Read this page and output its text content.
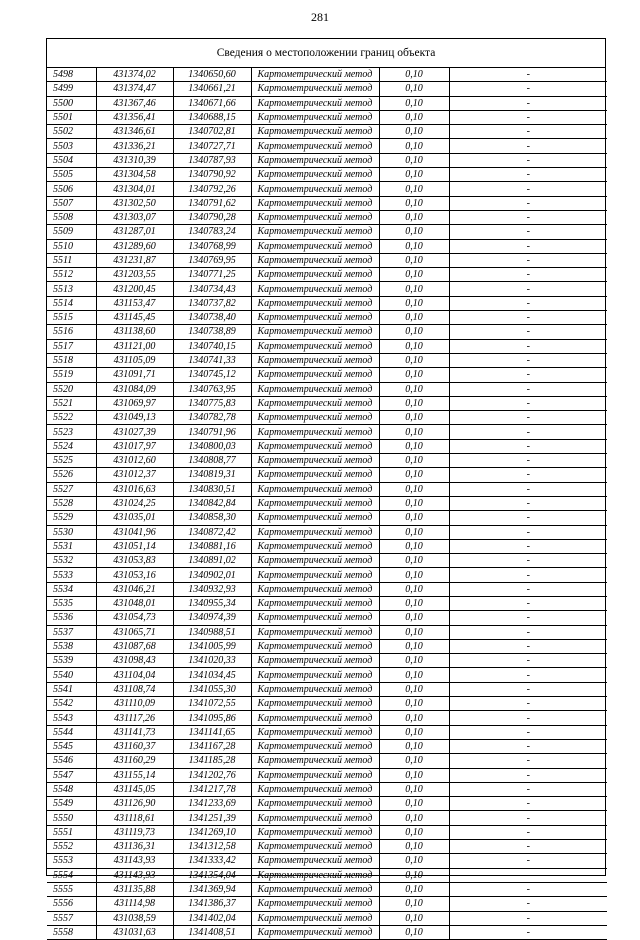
281
Сведения о местоположении границ объекта
5498	431374,02	1340650,60	Картометрический метод	0,10	-
5499	431374,47	1340661,21	Картометрический метод	0,10	-
5500	431367,46	1340671,66	Картометрический метод	0,10	-
5501	431356,41	1340688,15	Картометрический метод	0,10	-
5502	431346,61	1340702,81	Картометрический метод	0,10	-
5503	431336,21	1340727,71	Картометрический метод	0,10	-
5504	431310,39	1340787,93	Картометрический метод	0,10	-
5505	431304,58	1340790,92	Картометрический метод	0,10	-
5506	431304,01	1340792,26	Картометрический метод	0,10	-
5507	431302,50	1340791,62	Картометрический метод	0,10	-
5508	431303,07	1340790,28	Картометрический метод	0,10	-
5509	431287,01	1340783,24	Картометрический метод	0,10	-
5510	431289,60	1340768,99	Картометрический метод	0,10	-
5511	431231,87	1340769,95	Картометрический метод	0,10	-
5512	431203,55	1340771,25	Картометрический метод	0,10	-
5513	431200,45	1340734,43	Картометрический метод	0,10	-
5514	431153,47	1340737,82	Картометрический метод	0,10	-
5515	431145,45	1340738,40	Картометрический метод	0,10	-
5516	431138,60	1340738,89	Картометрический метод	0,10	-
5517	431121,00	1340740,15	Картометрический метод	0,10	-
5518	431105,09	1340741,33	Картометрический метод	0,10	-
5519	431091,71	1340745,12	Картометрический метод	0,10	-
5520	431084,09	1340763,95	Картометрический метод	0,10	-
5521	431069,97	1340775,83	Картометрический метод	0,10	-
5522	431049,13	1340782,78	Картометрический метод	0,10	-
5523	431027,39	1340791,96	Картометрический метод	0,10	-
5524	431017,97	1340800,03	Картометрический метод	0,10	-
5525	431012,60	1340808,77	Картометрический метод	0,10	-
5526	431012,37	1340819,31	Картометрический метод	0,10	-
5527	431016,63	1340830,51	Картометрический метод	0,10	-
5528	431024,25	1340842,84	Картометрический метод	0,10	-
5529	431035,01	1340858,30	Картометрический метод	0,10	-
5530	431041,96	1340872,42	Картометрический метод	0,10	-
5531	431051,14	1340881,16	Картометрический метод	0,10	-
5532	431053,83	1340891,02	Картометрический метод	0,10	-
5533	431053,16	1340902,01	Картометрический метод	0,10	-
5534	431046,21	1340932,93	Картометрический метод	0,10	-
5535	431048,01	1340955,34	Картометрический метод	0,10	-
5536	431054,73	1340974,39	Картометрический метод	0,10	-
5537	431065,71	1340988,51	Картометрический метод	0,10	-
5538	431087,68	1341005,99	Картометрический метод	0,10	-
5539	431098,43	1341020,33	Картометрический метод	0,10	-
5540	431104,04	1341034,45	Картометрический метод	0,10	-
5541	431108,74	1341055,30	Картометрический метод	0,10	-
5542	431110,09	1341072,55	Картометрический метод	0,10	-
5543	431117,26	1341095,86	Картометрический метод	0,10	-
5544	431141,73	1341141,65	Картометрический метод	0,10	-
5545	431160,37	1341167,28	Картометрический метод	0,10	-
5546	431160,29	1341185,28	Картометрический метод	0,10	-
5547	431155,14	1341202,76	Картометрический метод	0,10	-
5548	431145,05	1341217,78	Картометрический метод	0,10	-
5549	431126,90	1341233,69	Картометрический метод	0,10	-
5550	431118,61	1341251,39	Картометрический метод	0,10	-
5551	431119,73	1341269,10	Картометрический метод	0,10	-
5552	431136,31	1341312,58	Картометрический метод	0,10	-
5553	431143,93	1341333,42	Картометрический метод	0,10	-
5554	431143,93	1341354,04	Картометрический метод	0,10	-
5555	431135,88	1341369,94	Картометрический метод	0,10	-
5556	431114,98	1341386,37	Картометрический метод	0,10	-
5557	431038,59	1341402,04	Картометрический метод	0,10	-
5558	431031,63	1341408,51	Картометрический метод	0,10	-
